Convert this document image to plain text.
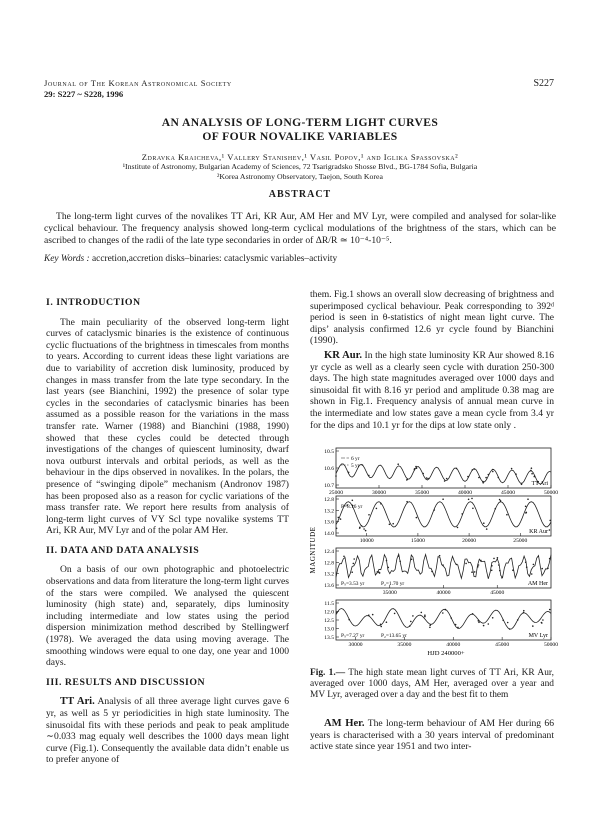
Journal of The Korean Astronomical Society
29: S227 ~ S228, 1996
S227
AN ANALYSIS OF LONG-TERM LIGHT CURVES
OF FOUR NOVALIKE VARIABLES
Zdravka Kraicheva,¹ Vallery Stanishev,¹ Vasil Popov,¹ and Iglika Spassovska²
¹Institute of Astronomy, Bulgarian Academy of Sciences, 72 Tsarigradsko Shosse Blvd., BG-1784 Sofia, Bulgaria
²Korea Astronomy Observatory, Taejon, South Korea
ABSTRACT

The long-term light curves of the novalikes TT Ari, KR Aur, AM Her and MV Lyr, were compiled and analysed for solar-like cyclical behaviour. The frequency analysis showed long-term cyclical modulations of the brightness of the stars, which can be ascribed to changes of the radii of the late type secondaries in order of ΔR/R ≃ 10⁻⁴-10⁻⁵.

Key Words : accretion,accretion disks–binaries: cataclysmic variables–activity

I. INTRODUCTION

The main peculiarity of the observed long-term light curves of cataclysmic binaries is the existence of continuous cyclic fluctuations of the brightness in timescales from months to years. According to current ideas these light variations are due to variability of accretion disk luminosity, produced by changes in mass transfer from the late type secondary. In the last years (see Bianchini, 1992) the presence of solar type cycles in the secondaries of cataclysmic binaries has been assumed as a possible reason for the variations in the mass transfer rate. Warner (1988) and Bianchini (1988, 1990) showed that these cycles could be detected through investigations of the changes of quiescent luminosity, dwarf nova outburst intervals and orbital periods, as well as the behaviour in the dips observed in novalikes. In the polars, the presence of “swinging dipole” mechanism (Andronov 1987) has been proposed also as a reason for cyclic variations of the mass transfer rate. We report here results from analysis of long-term light curves of VY Scl type novalike systems TT Ari, KR Aur, MV Lyr and of the polar AM Her.

II. DATA AND DATA ANALYSIS

On a basis of our own photographic and photoelectric observations and data from literature the long-term light curves of the stars were compiled. We analysed the quiescent luminosity (high state) and, separately, dips luminosity including intermediate and low states using the period dispersion minimization method described by Stellingwerf (1978). We averaged the data using moving average. The smoothing windows were equal to one day, one year and 1000 days.

III. RESULTS AND DISCUSSION

TT Ari. Analysis of all three average light curves gave 6 yr, as well as 5 yr periodicities in high state luminosity. The sinusoidal fits with these periods and peak to peak amplitude ∼0.033 mag equaly well describes the 1000 days mean light curve (Fig.1). Consequently the available data didn’t enable us to prefer anyone of

them. Fig.1 shows an overall slow decreasing of brightness and superimposed cyclical behaviour. Peak corresponding to 392ᵈ period is seen in θ-statistics of night mean light curve. The dips’ analysis confirmed 12.6 yr cycle found by Bianchini (1990).

KR Aur. In the high state luminosity KR Aur showed 8.16 yr cycle as well as a clearly seen cycle with duration 250-300 days. The high state magnitudes averaged over 1000 days and sinusoidal fit with 8.16 yr period and amplitude 0.38 mag are shown in Fig.1. Frequency analysis of annual mean curve in the intermediate and low states gave a mean cycle from 3.4 yr for the dips and 10.1 yr for the dips at low state only .

MAGNITUDE
10.5
10.6
10.7
25000	30000	35000	40000	45000	50000
TT Ari
6 yr
5 yr
12.8
13.2
13.6
14.0
10000	15000	20000	25000
KR Aur
P=8.16 yr
12.4
12.8
13.2
13.6
35000	40000	45000
AM Her
Pₛ=3.53 yr	P₂=1.70 yr
11.5
12.0
12.5
13.0
13.5
30000	35000	40000	45000	50000
MV Lyr
Pₛ=7.27 yr	P₂=13.65 yr
HJD 240000+
Fig. 1.— The high state mean light curves of TT Ari, KR Aur, averaged over 1000 days, AM Her, averaged over a year and MV Lyr, averaged over a day and the best fit to them

AM Her. The long-term behaviour of AM Her during 66 years is characterised with a 30 years interval of predominant active state since year 1951 and two inter-
